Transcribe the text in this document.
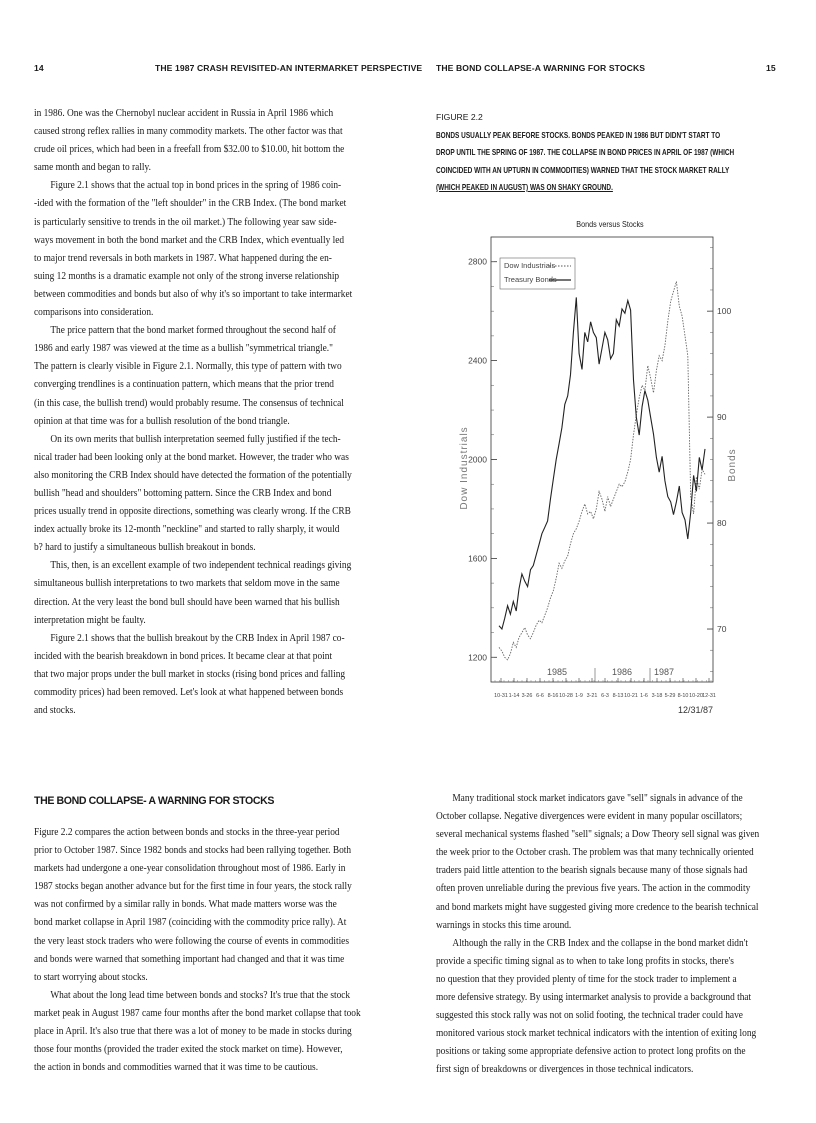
14	THE 1987 CRASH REVISITED-AN INTERMARKET PERSPECTIVE

in 1986. One was the Chernobyl nuclear accident in Russia in April 1986 which

caused strong reflex rallies in many commodity markets. The other factor was that

crude oil prices, which had been in a freefall from $32.00 to $10.00, hit bottom the

same month and began to rally.

Figure 2.1 shows that the actual top in bond prices in the spring of 1986 coin-

-ided with the formation of the "left shoulder" in the CRB Index. (The bond market

is particularly sensitive to trends in the oil market.) The following year saw side-

ways movement in both the bond market and the CRB Index, which eventually led

to major trend reversals in both markets in 1987. What happened during the en-

suing 12 months is a dramatic example not only of the strong inverse relationship

between commodities and bonds but also of why it's so important to take intermarket

comparisons into consideration.

The price pattern that the bond market formed throughout the second half of

1986 and early 1987 was viewed at the time as a bullish "symmetrical triangle."

The pattern is clearly visible in Figure 2.1. Normally, this type of pattern with two

converging trendlines is a continuation pattern, which means that the prior trend

(in this case, the bullish trend) would probably resume. The consensus of technical

opinion at that time was for a bullish resolution of the bond triangle.

On its own merits that bullish interpretation seemed fully justified if the tech-

nical trader had been looking only at the bond market. However, the trader who was

also monitoring the CRB Index should have detected the formation of the potentially

bullish "head and shoulders" bottoming pattern. Since the CRB Index and bond

prices usually trend in opposite directions, something was clearly wrong. If the CRB

index actually broke its 12-month "neckline" and started to rally sharply, it would

b? hard to justify a simultaneous bullish breakout in bonds.

This, then, is an excellent example of two independent technical readings giving

simultaneous bullish interpretations to two markets that seldom move in the same

direction. At the very least the bond bull should have been warned that his bullish

interpretation might be faulty.

Figure 2.1 shows that the bullish breakout by the CRB Index in April 1987 co-

incided with the bearish breakdown in bond prices. It became clear at that point

that two major props under the bull market in stocks (rising bond prices and falling

commodity prices) had been removed. Let's look at what happened between bonds

and stocks.

THE BOND COLLAPSE- A WARNING FOR STOCKS

Figure 2.2 compares the action between bonds and stocks in the three-year period

prior to October 1987. Since 1982 bonds and stocks had been rallying together. Both

markets had undergone a one-year consolidation throughout most of 1986. Early in

1987 stocks began another advance but for the first time in four years, the stock rally

was not confirmed by a similar rally in bonds. What made matters worse was the

bond market collapse in April 1987 (coinciding with the commodity price rally). At

the very least stock traders who were following the course of events in commodities

and bonds were warned that something important had changed and that it was time

to start worrying about stocks.

What about the long lead time between bonds and stocks? It's true that the stock

market peak in August 1987 came four months after the bond market collapse that took

place in April. It's also true that there was a lot of money to be made in stocks during

those four months (provided the trader exited the stock market on time). However,

the action in bonds and commodities warned that it was time to be cautious.

THE BOND COLLAPSE-A WARNING FOR STOCKS	15
FIGURE 2.2
BONDS USUALLY PEAK BEFORE STOCKS. BONDS PEAKED IN 1986 BUT DIDN'T START TO
DROP UNTIL THE SPRING OF 1987. THE COLLAPSE IN BOND PRICES IN APRIL OF 1987 (WHICH
COINCIDED WITH AN UPTURN IN COMMODITIES) WARNED THAT THE STOCK MARKET RALLY
(WHICH PEAKED IN AUGUST) WAS ON SHAKY GROUND.
Bonds versus Stocks
1200
1600
2000
2400
2800
70
80
90
100
Dow Industrials	Bonds
Dow Industrials
Treasury Bonds
1985	1986 1987
10-31 1-14 3-26 6-6 8-16 10-28 1-9 3-21 6-3 8-13 10-21 1-6 3-18 5-29 8-10 10-20 12-31
12/31/87

Many traditional stock market indicators gave "sell" signals in advance of the

October collapse. Negative divergences were evident in many popular oscillators;

several mechanical systems flashed "sell" signals; a Dow Theory sell signal was given

the week prior to the October crash. The problem was that many technically oriented

traders paid little attention to the bearish signals because many of those signals had

often proven unreliable during the previous five years. The action in the commodity

and bond markets might have suggested giving more credence to the bearish technical

warnings in stocks this time around.

Although the rally in the CRB Index and the collapse in the bond market didn't

provide a specific timing signal as to when to take long profits in stocks, there's

no question that they provided plenty of time for the stock trader to implement a

more defensive strategy. By using intermarket analysis to provide a background that

suggested this stock rally was not on solid footing, the technical trader could have

monitored various stock market technical indicators with the intention of exiting long

positions or taking some appropriate defensive action to protect long profits on the

first sign of breakdowns or divergences in those technical indicators.
